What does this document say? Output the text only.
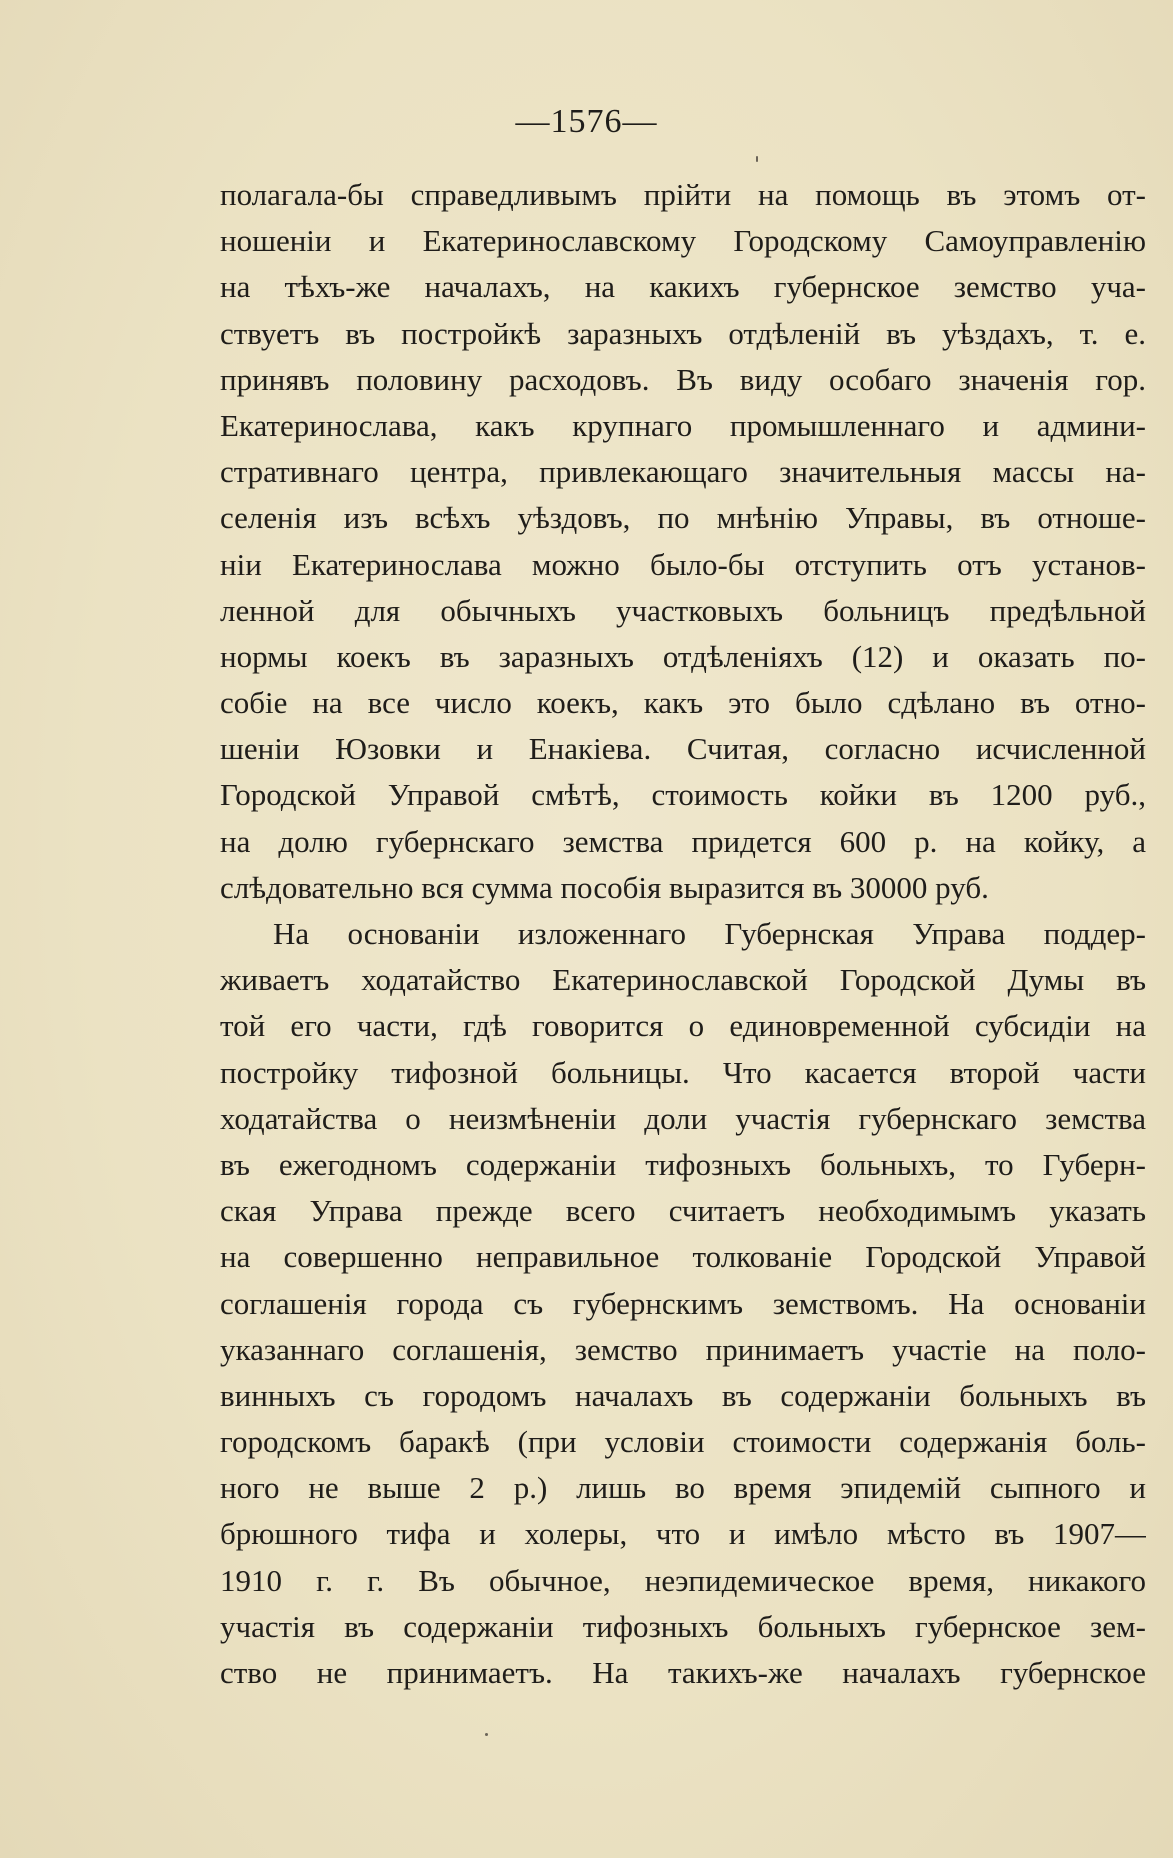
—1576—
полагала-бы справедливымъ прійти на помощь въ этомъ от-
ношеніи и Екатеринославскому Городскому Самоуправленію
на тѣхъ-же началахъ, на какихъ губернское земство уча-
ствуетъ въ постройкѣ заразныхъ отдѣленій въ уѣздахъ, т. е.
принявъ половину расходовъ. Въ виду особаго значенія гор.
Екатеринослава, какъ крупнаго промышленнаго и админи-
стративнаго центра, привлекающаго значительныя массы на-
селенія изъ всѣхъ уѣздовъ, по мнѣнію Управы, въ отноше-
ніи Екатеринослава можно было-бы отступить отъ установ-
ленной для обычныхъ участковыхъ больницъ предѣльной
нормы коекъ въ заразныхъ отдѣленіяхъ (12) и оказать по-
собіе на все число коекъ, какъ это было сдѣлано въ отно-
шеніи Юзовки и Енакіева. Считая, согласно исчисленной
Городской Управой смѣтѣ, стоимость койки въ 1200 руб.,
на долю губернскаго земства придется 600 р. на койку, а
слѣдовательно вся сумма пособія выразится въ 30000 руб.
На основаніи изложеннаго Губернская Управа поддер-
живаетъ ходатайство Екатеринославской Городской Думы въ
той его части, гдѣ говорится о единовременной субсидіи на
постройку тифозной больницы. Что касается второй части
ходатайства о неизмѣненіи доли участія губернскаго земства
въ ежегодномъ содержаніи тифозныхъ больныхъ, то Губерн-
ская Управа прежде всего считаетъ необходимымъ указать
на совершенно неправильное толкованіе Городской Управой
соглашенія города съ губернскимъ земствомъ. На основаніи
указаннаго соглашенія, земство принимаетъ участіе на поло-
винныхъ съ городомъ началахъ въ содержаніи больныхъ въ
городскомъ баракѣ (при условіи стоимости содержанія боль-
ного не выше 2 р.) лишь во время эпидемій сыпного и
брюшного тифа и холеры, что и имѣло мѣсто въ 1907—
1910 г. г. Въ обычное, неэпидемическое время, никакого
участія въ содержаніи тифозныхъ больныхъ губернское зем-
ство не принимаетъ. На такихъ-же началахъ губернское
